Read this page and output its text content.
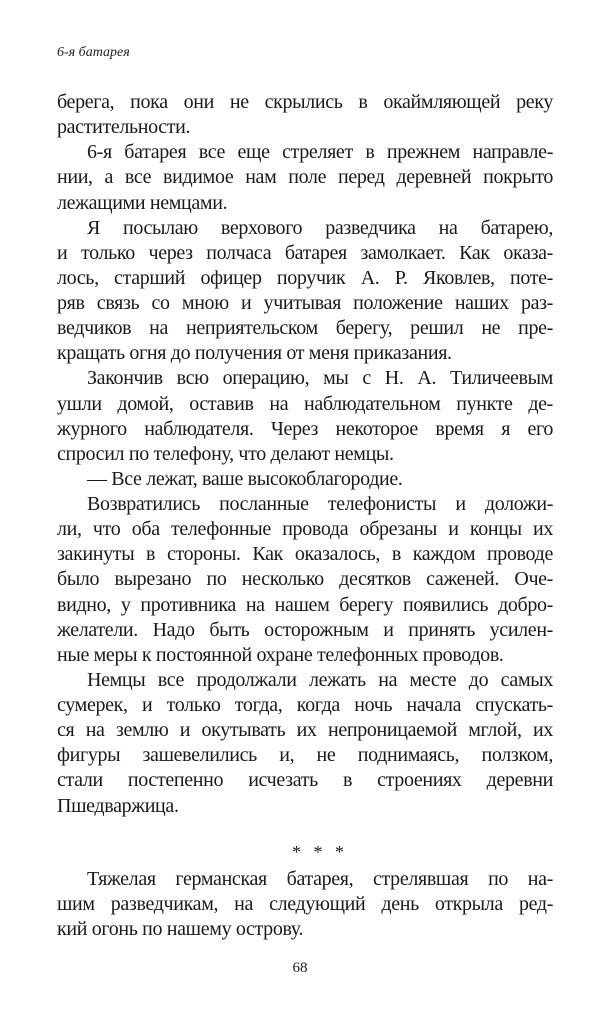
6-я батарея
берега, пока они не скрылись в окаймляющей реку
растительности.
6-я батарея все еще стреляет в прежнем направле-
нии, а все видимое нам поле перед деревней покрыто
лежащими немцами.
Я посылаю верхового разведчика на батарею,
и только через полчаса батарея замолкает. Как оказа-
лось, старший офицер поручик А. Р. Яковлев, поте-
ряв связь со мною и учитывая положение наших раз-
ведчиков на неприятельском берегу, решил не пре-
кращать огня до получения от меня приказания.
Закончив всю операцию, мы с Н. А. Тиличеевым
ушли домой, оставив на наблюдательном пункте де-
журного наблюдателя. Через некоторое время я его
спросил по телефону, что делают немцы.
— Все лежат, ваше высокоблагородие.
Возвратились посланные телефонисты и доложи-
ли, что оба телефонные провода обрезаны и концы их
закинуты в стороны. Как оказалось, в каждом проводе
было вырезано по несколько десятков саженей. Оче-
видно, у противника на нашем берегу появились добро-
желатели. Надо быть осторожным и принять усилен-
ные меры к постоянной охране телефонных проводов.
Немцы все продолжали лежать на месте до самых
сумерек, и только тогда, когда ночь начала спускать-
ся на землю и окутывать их непроницаемой мглой, их
фигуры зашевелились и, не поднимаясь, ползком,
стали постепенно исчезать в строениях деревни
Пшедваржица.
* * *
Тяжелая германская батарея, стрелявшая по на-
шим разведчикам, на следующий день открыла ред-
кий огонь по нашему острову.
68
